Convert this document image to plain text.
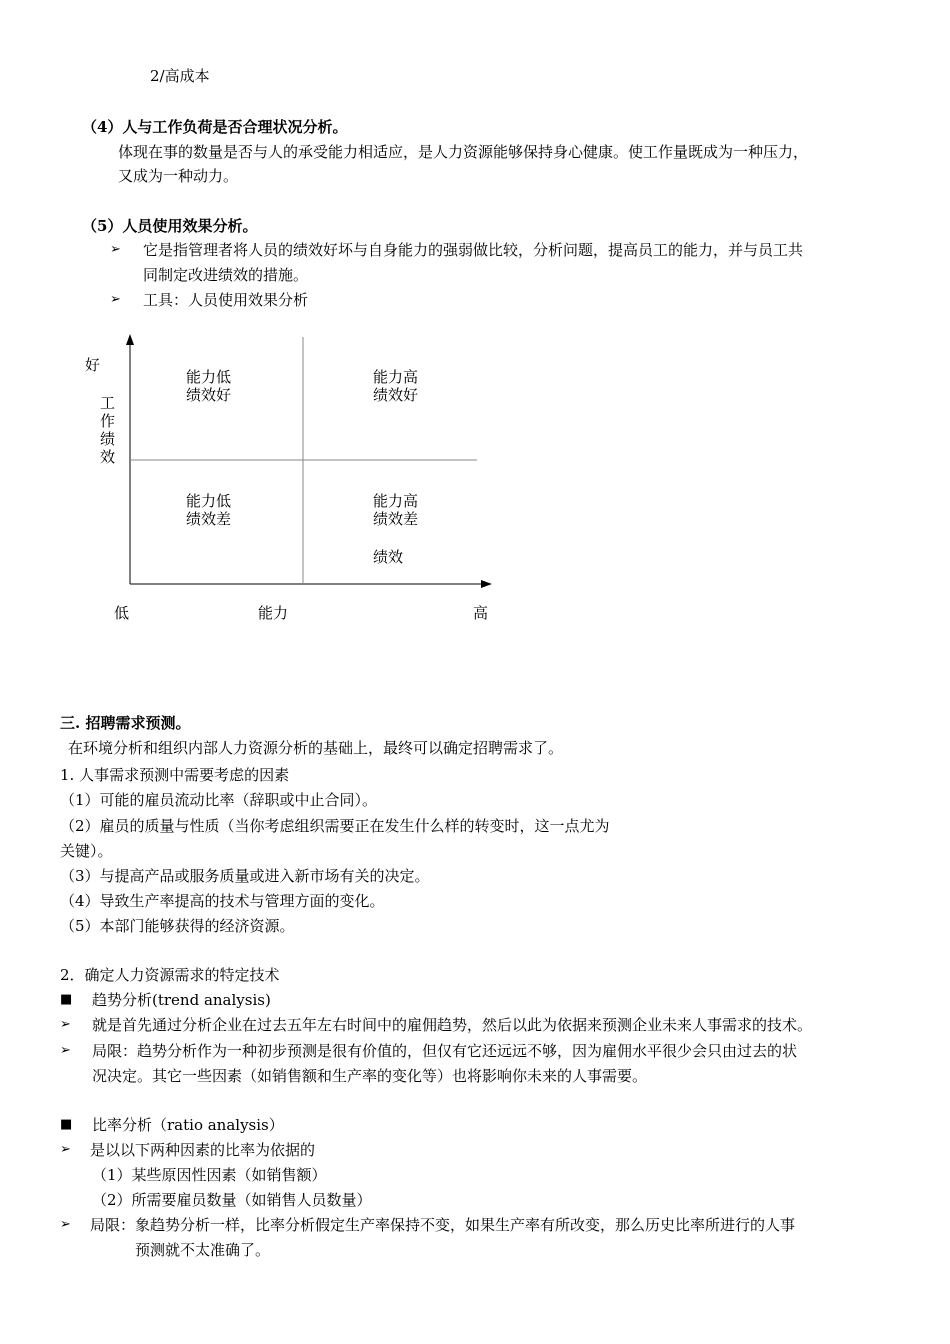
2/高成本
（4）人与工作负荷是否合理状况分析。
体现在事的数量是否与人的承受能力相适应，是人力资源能够保持身心健康。使工作量既成为一种压力，
又成为一种动力。
（5）人员使用效果分析。
➢ 它是指管理者将人员的绩效好坏与自身能力的强弱做比较，分析问题，提高员工的能力，并与员工共
同制定改进绩效的措施。
➢ 工具：人员使用效果分析
好
工
作
绩
效
能力低
绩效好
能力高
绩效好
能力低
绩效差
能力高
绩效差
绩效
低	能力	高
三. 招聘需求预测。
在环境分析和组织内部人力资源分析的基础上，最终可以确定招聘需求了。
1. 人事需求预测中需要考虑的因素
（1）可能的雇员流动比率（辞职或中止合同）。
（2）雇员的质量与性质（当你考虑组织需要正在发生什么样的转变时，这一点尤为
关键）。
（3）与提高产品或服务质量或进入新市场有关的决定。
（4）导致生产率提高的技术与管理方面的变化。
（5）本部门能够获得的经济资源。
2．确定人力资源需求的特定技术
■ 趋势分析(trend analysis)
➢ 就是首先通过分析企业在过去五年左右时间中的雇佣趋势，然后以此为依据来预测企业未来人事需求的技术。
➢ 局限：趋势分析作为一种初步预测是很有价值的，但仅有它还远远不够，因为雇佣水平很少会只由过去的状
况决定。其它一些因素（如销售额和生产率的变化等）也将影响你未来的人事需要。
■ 比率分析（ratio analysis）
➢ 是以以下两种因素的比率为依据的
（1）某些原因性因素（如销售额）
（2）所需要雇员数量（如销售人员数量）
➢ 局限：象趋势分析一样，比率分析假定生产率保持不变，如果生产率有所改变，那么历史比率所进行的人事
预测就不太准确了。
